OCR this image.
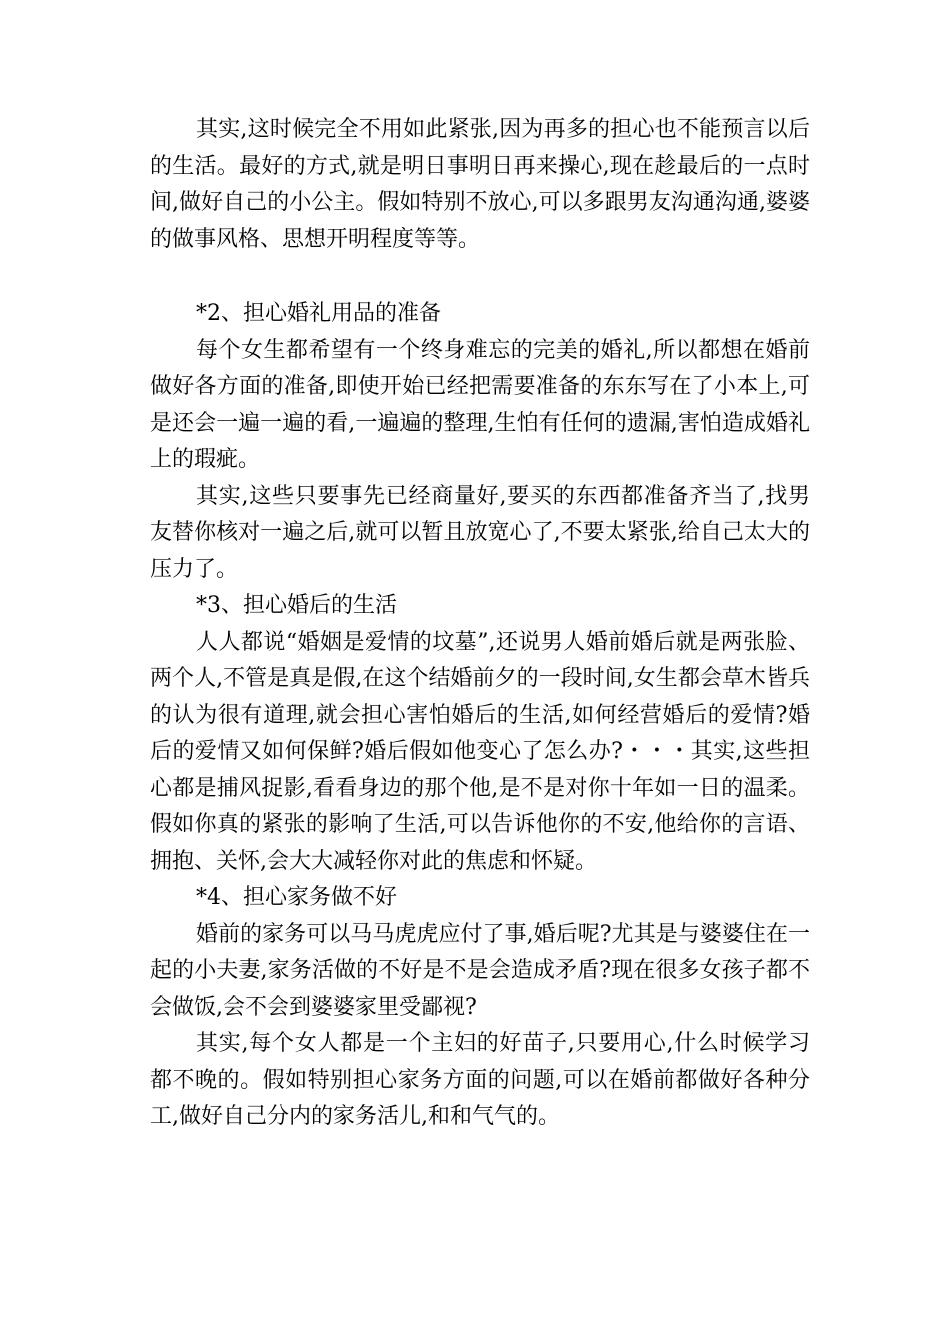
其实,这时候完全不用如此紧张,因为再多的担心也不能预言以后的生活。最好的方式,就是明日事明日再来操心,现在趁最后的一点时间,做好自己的小公主。假如特别不放心,可以多跟男友沟通沟通,婆婆的做事风格、思想开明程度等等。

*2、担心婚礼用品的准备

每个女生都希望有一个终身难忘的完美的婚礼,所以都想在婚前做好各方面的准备,即使开始已经把需要准备的东东写在了小本上,可是还会一遍一遍的看,一遍遍的整理,生怕有任何的遗漏,害怕造成婚礼上的瑕疵。

其实,这些只要事先已经商量好,要买的东西都准备齐当了,找男友替你核对一遍之后,就可以暂且放宽心了,不要太紧张,给自己太大的压力了。

*3、担心婚后的生活

人人都说“婚姻是爱情的坟墓”,还说男人婚前婚后就是两张脸、两个人,不管是真是假,在这个结婚前夕的一段时间,女生都会草木皆兵的认为很有道理,就会担心害怕婚后的生活,如何经营婚后的爱情?婚后的爱情又如何保鲜?婚后假如他变心了怎么办?・・・其实,这些担心都是捕风捉影,看看身边的那个他,是不是对你十年如一日的温柔。假如你真的紧张的影响了生活,可以告诉他你的不安,他给你的言语、拥抱、关怀,会大大减轻你对此的焦虑和怀疑。

*4、担心家务做不好

婚前的家务可以马马虎虎应付了事,婚后呢?尤其是与婆婆住在一起的小夫妻,家务活做的不好是不是会造成矛盾?现在很多女孩子都不会做饭,会不会到婆婆家里受鄙视?

其实,每个女人都是一个主妇的好苗子,只要用心,什么时候学习都不晚的。假如特别担心家务方面的问题,可以在婚前都做好各种分工,做好自己分内的家务活儿,和和气气的。
